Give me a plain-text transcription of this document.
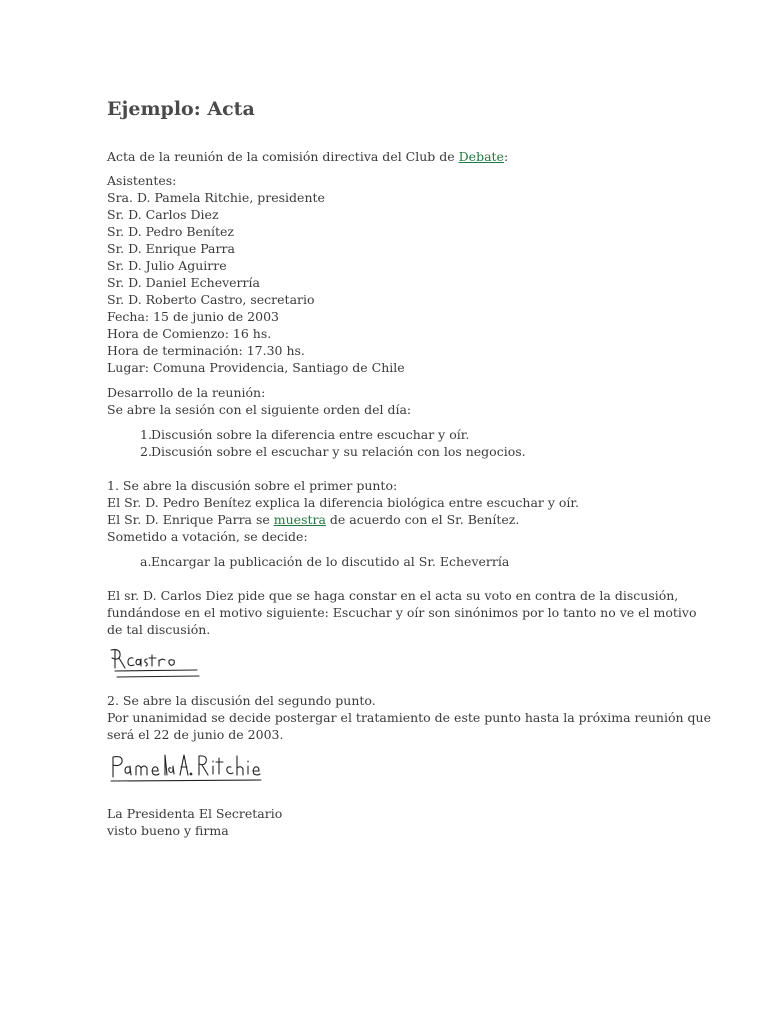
Ejemplo: Acta

Acta de la reunión de la comisión directiva del Club de Debate:

Asistentes:
Sra. D. Pamela Ritchie, presidente
Sr. D. Carlos Diez
Sr. D. Pedro Benítez
Sr. D. Enrique Parra
Sr. D. Julio Aguirre
Sr. D. Daniel Echeverría
Sr. D. Roberto Castro, secretario
Fecha: 15 de junio de 2003
Hora de Comienzo: 16 hs.
Hora de terminación: 17.30 hs.
Lugar: Comuna Providencia, Santiago de Chile
Desarrollo de la reunión:
Se abre la sesión con el siguiente orden del día:
1.Discusión sobre la diferencia entre escuchar y oír.
2.Discusión sobre el escuchar y su relación con los negocios.
1. Se abre la discusión sobre el primer punto:
El Sr. D. Pedro Benítez explica la diferencia biológica entre escuchar y oír.
El Sr. D. Enrique Parra se muestra de acuerdo con el Sr. Benítez.
Sometido a votación, se decide:
a.Encargar la publicación de lo discutido al Sr. Echeverría
El sr. D. Carlos Diez pide que se haga constar en el acta su voto en contra de la discusión,
fundándose en el motivo siguiente: Escuchar y oír son sinónimos por lo tanto no ve el motivo
de tal discusión.
2. Se abre la discusión del segundo punto.
Por unanimidad se decide postergar el tratamiento de este punto hasta la próxima reunión que
será el 22 de junio de 2003.
La Presidenta El Secretario
visto bueno y firma
